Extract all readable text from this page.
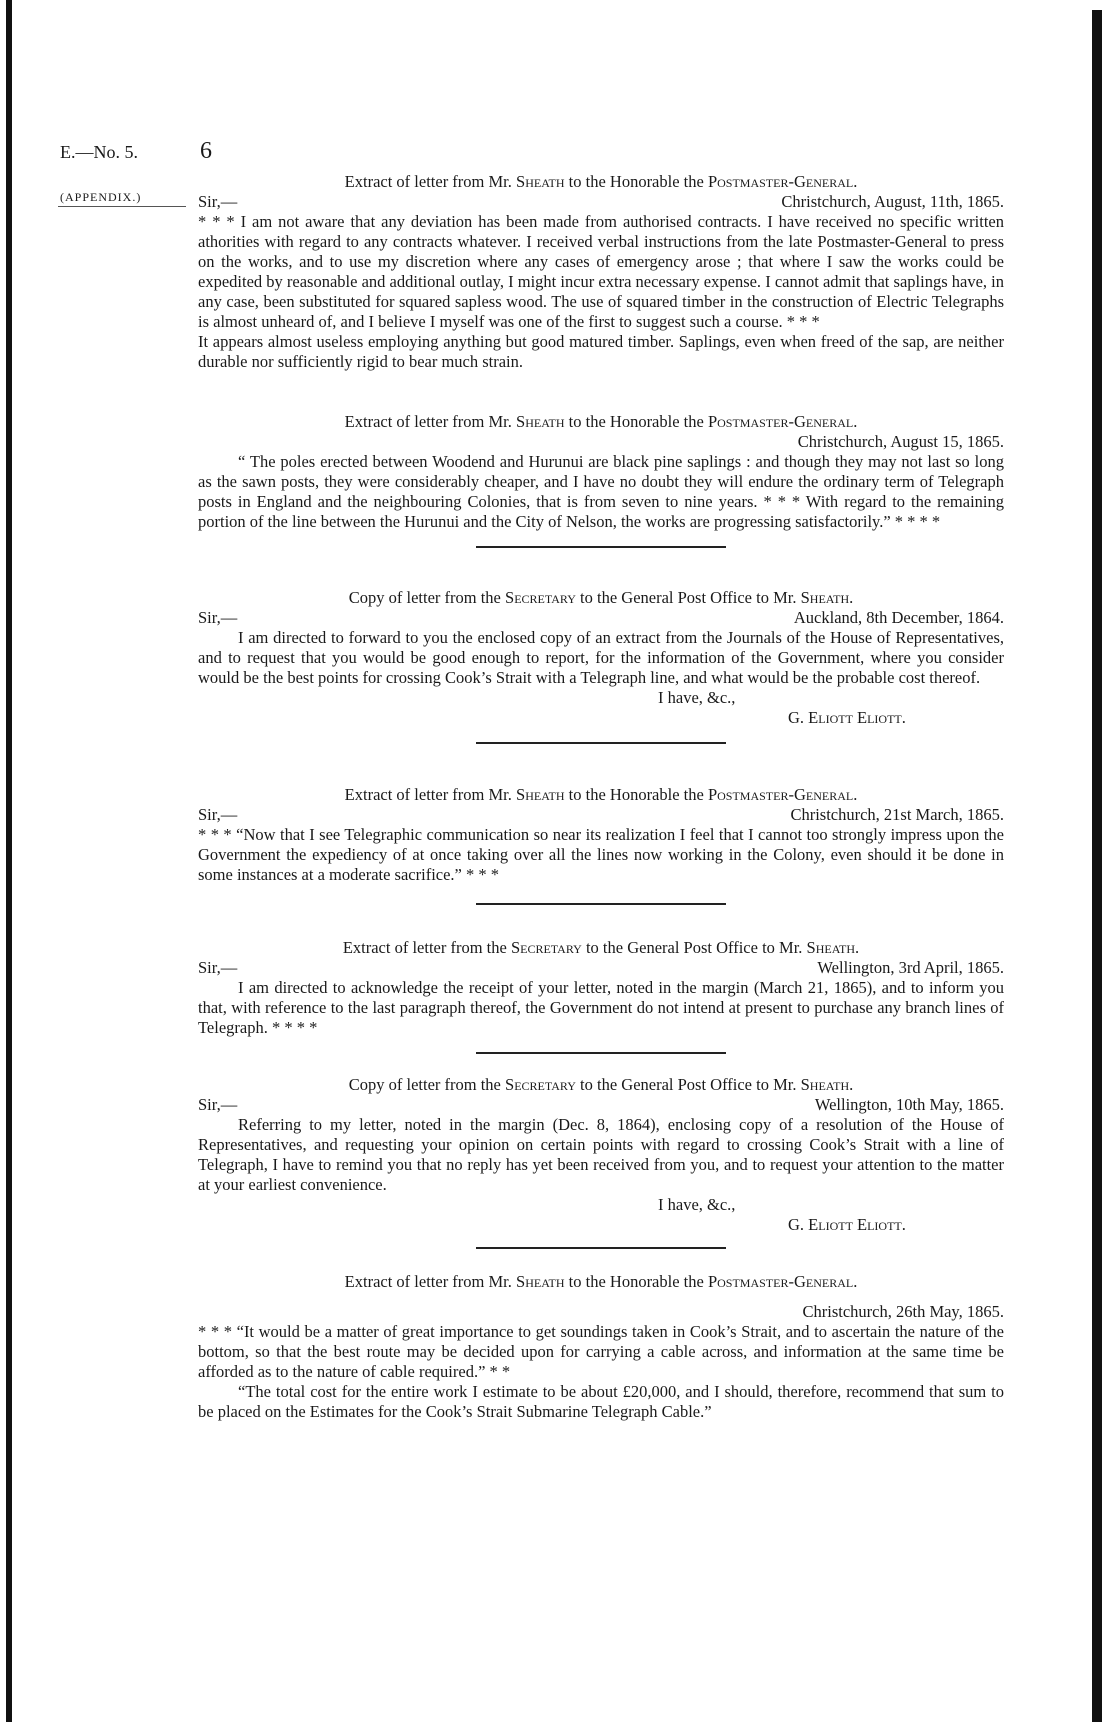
E.—No. 5.	6
(APPENDIX.)

Extract of letter from Mr. Sheath to the Honorable the Postmaster-General.

Sir,—	Christchurch, August, 11th, 1865.

* * * I am not aware that any deviation has been made from authorised contracts. I have received no specific written athorities with regard to any contracts whatever. I received verbal instructions from the late Postmaster-General to press on the works, and to use my discretion where any cases of emergency arose ; that where I saw the works could be expedited by reasonable and additional outlay, I might incur extra necessary expense. I cannot admit that saplings have, in any case, been substituted for squared sapless wood. The use of squared timber in the construction of Electric Telegraphs is almost unheard of, and I believe I myself was one of the first to suggest such a course. * * *

It appears almost useless employing anything but good matured timber. Saplings, even when freed of the sap, are neither durable nor sufficiently rigid to bear much strain.

Extract of letter from Mr. Sheath to the Honorable the Postmaster-General.

Christchurch, August 15, 1865.

“ The poles erected between Woodend and Hurunui are black pine saplings : and though they may not last so long as the sawn posts, they were considerably cheaper, and I have no doubt they will endure the ordinary term of Telegraph posts in England and the neighbouring Colonies, that is from seven to nine years. * * * With regard to the remaining portion of the line between the Hurunui and the City of Nelson, the works are progressing satisfactorily.” * * * *

Copy of letter from the Secretary to the General Post Office to Mr. Sheath.

Sir,—	Auckland, 8th December, 1864.

I am directed to forward to you the enclosed copy of an extract from the Journals of the House of Representatives, and to request that you would be good enough to report, for the information of the Government, where you consider would be the best points for crossing Cook’s Strait with a Telegraph line, and what would be the probable cost thereof.

I have, &c.,

G. Eliott Eliott.

Extract of letter from Mr. Sheath to the Honorable the Postmaster-General.

Sir,—	Christchurch, 21st March, 1865.

* * * “Now that I see Telegraphic communication so near its realization I feel that I cannot too strongly impress upon the Government the expediency of at once taking over all the lines now working in the Colony, even should it be done in some instances at a moderate sacrifice.” * * *

Extract of letter from the Secretary to the General Post Office to Mr. Sheath.

Sir,—	Wellington, 3rd April, 1865.

I am directed to acknowledge the receipt of your letter, noted in the margin (March 21, 1865), and to inform you that, with reference to the last paragraph thereof, the Government do not intend at present to purchase any branch lines of Telegraph. * * * *

Copy of letter from the Secretary to the General Post Office to Mr. Sheath.

Sir,—	Wellington, 10th May, 1865.

Referring to my letter, noted in the margin (Dec. 8, 1864), enclosing copy of a resolution of the House of Representatives, and requesting your opinion on certain points with regard to crossing Cook’s Strait with a line of Telegraph, I have to remind you that no reply has yet been received from you, and to request your attention to the matter at your earliest convenience.

I have, &c.,

G. Eliott Eliott.

Extract of letter from Mr. Sheath to the Honorable the Postmaster-General.

Christchurch, 26th May, 1865.

* * * “It would be a matter of great importance to get soundings taken in Cook’s Strait, and to ascertain the nature of the bottom, so that the best route may be decided upon for carrying a cable across, and information at the same time be afforded as to the nature of cable required.” * *

“The total cost for the entire work I estimate to be about £20,000, and I should, therefore, recommend that sum to be placed on the Estimates for the Cook’s Strait Submarine Telegraph Cable.”
